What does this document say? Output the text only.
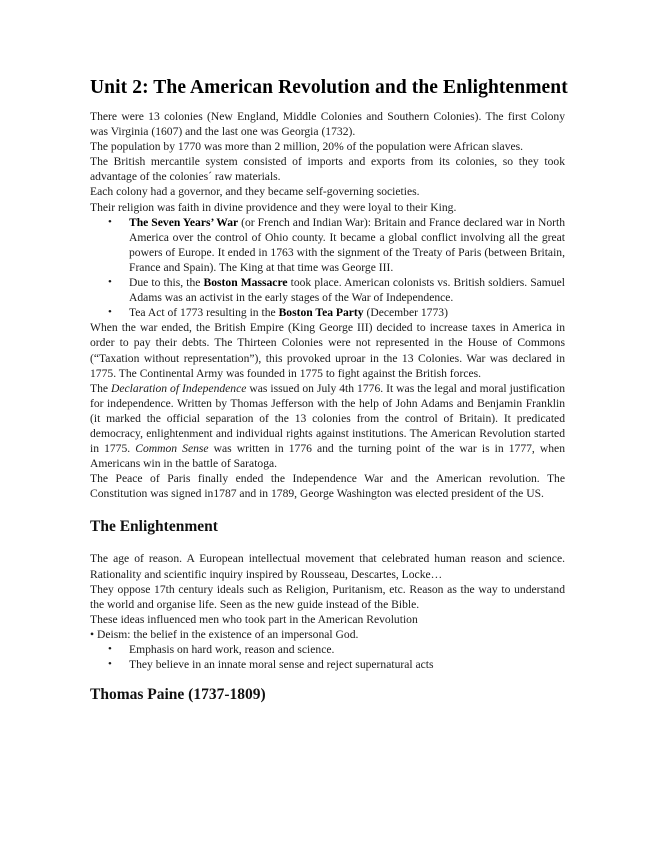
Unit 2: The American Revolution and the Enlightenment

There were 13 colonies (New England, Middle Colonies and Southern Colonies). The first Colony was Virginia (1607) and the last one was Georgia (1732).

The population by 1770 was more than 2 million, 20% of the population were African slaves.

The British mercantile system consisted of imports and exports from its colonies, so they took advantage of the colonies´ raw materials.

Each colony had a governor, and they became self-governing societies.

Their religion was faith in divine providence and they were loyal to their King.

• The Seven Years’ War (or French and Indian War): Britain and France declared war in North America over the control of Ohio county. It became a global conflict involving all the great powers of Europe. It ended in 1763 with the signment of the Treaty of Paris (between Britain, France and Spain). The King at that time was George III.
• Due to this, the Boston Massacre took place. American colonists vs. British soldiers. Samuel Adams was an activist in the early stages of the War of Independence.
• Tea Act of 1773 resulting in the Boston Tea Party (December 1773)

When the war ended, the British Empire (King George III) decided to increase taxes in America in order to pay their debts. The Thirteen Colonies were not represented in the House of Commons (“Taxation without representation”), this provoked uproar in the 13 Colonies. War was declared in 1775. The Continental Army was founded in 1775 to fight against the British forces.

The Declaration of Independence was issued on July 4th 1776. It was the legal and moral justification for independence. Written by Thomas Jefferson with the help of John Adams and Benjamin Franklin (it marked the official separation of the 13 colonies from the control of Britain). It predicated democracy, enlightenment and individual rights against institutions. The American Revolution started in 1775. Common Sense was written in 1776 and the turning point of the war is in 1777, when Americans win in the battle of Saratoga.

The Peace of Paris finally ended the Independence War and the American revolution. The Constitution was signed in1787 and in 1789, George Washington was elected president of the US.

The Enlightenment

The age of reason. A European intellectual movement that celebrated human reason and science. Rationality and scientific inquiry inspired by Rousseau, Descartes, Locke…

They oppose 17th century ideals such as Religion, Puritanism, etc. Reason as the way to understand the world and organise life. Seen as the new guide instead of the Bible.

These ideas influenced men who took part in the American Revolution

• Deism: the belief in the existence of an impersonal God.

• Emphasis on hard work, reason and science.
• They believe in an innate moral sense and reject supernatural acts
Thomas Paine (1737-1809)
